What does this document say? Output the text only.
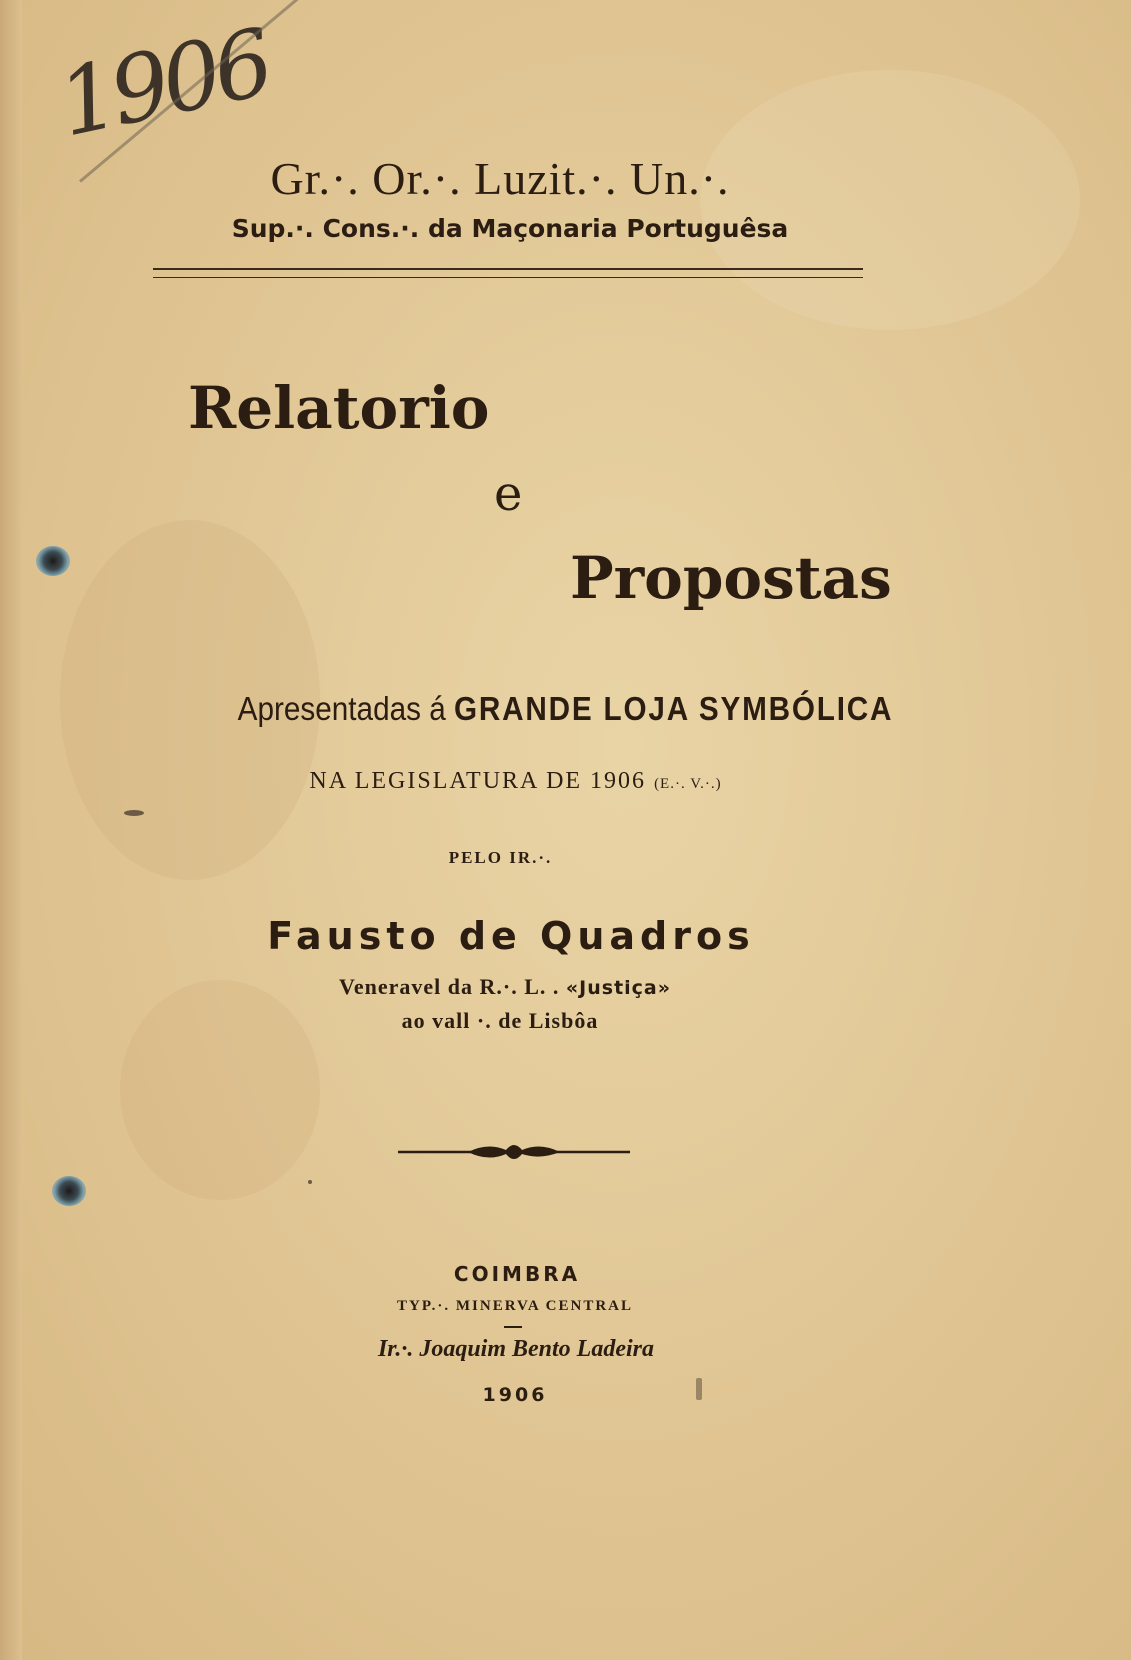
1906
Gr.·. Or.·. Luzit.·. Un.·.
Sup.·. Cons.·. da Maçonaria Portuguêsa
Relatorio
e
Propostas
Apresentadas á GRANDE LOJA SYMBÓLICA
NA LEGISLATURA DE 1906 (E.·. V.·.)
PELO IR.·.
Fausto de Quadros
Veneravel da R.·. L. . «Justiça»
ao vall ·. de Lisbôa
COIMBRA
TYP.·. MINERVA CENTRAL
Ir.·. Joaquim Bento Ladeira
1906
